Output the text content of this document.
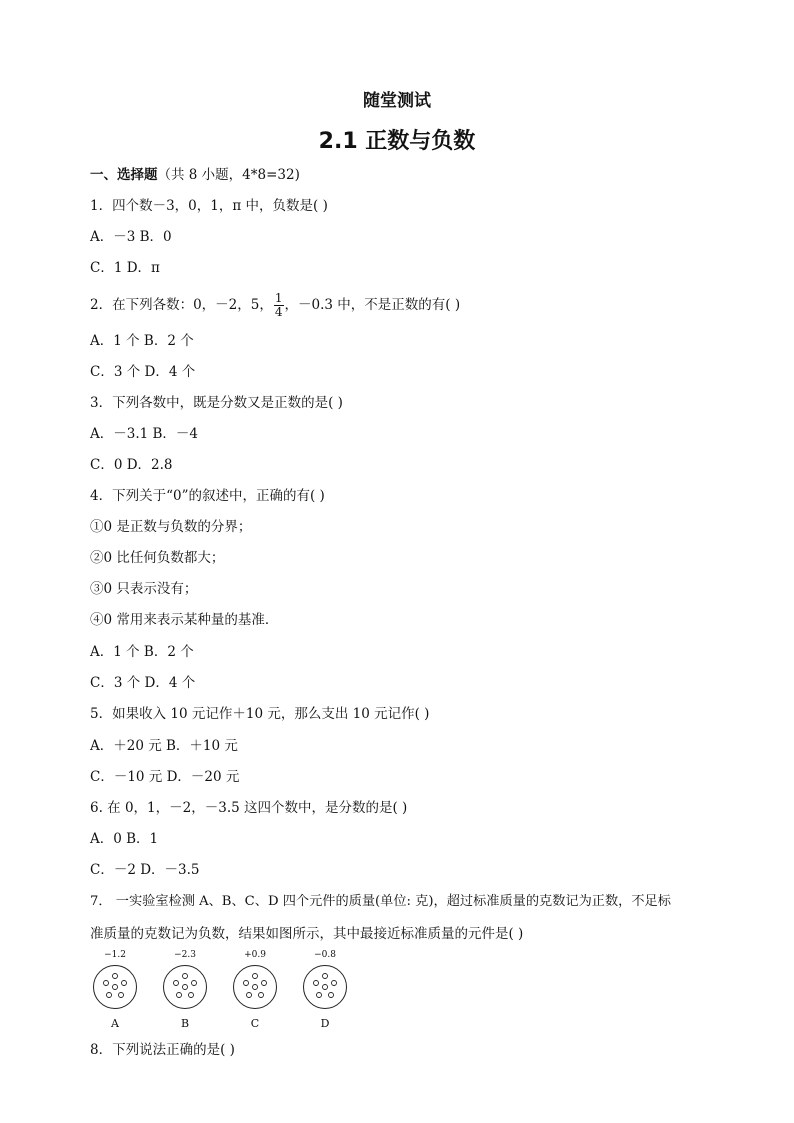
随堂测试
2.1 正数与负数
一、选择题（共 8 小题，4*8=32)
1．四个数－3，0，1，π 中，负数是( )
A．－3 B．0
C．1 D．π
2．在下列各数：0，－2，5， $\frac{1}{4}$ ，－0.3 中，不是正数的有( )
A．1 个 B．2 个
C．3 个 D．4 个
3．下列各数中，既是分数又是正数的是( )
A．－3.1 B．－4
C．0 D．2.8
4．下列关于“0”的叙述中，正确的有( )
①0 是正数与负数的分界；
②0 比任何负数都大；
③0 只表示没有；
④0 常用来表示某种量的基准．
A．1 个 B．2 个
C．3 个 D．4 个
5．如果收入 10 元记作＋10 元，那么支出 10 元记作( )
A．＋20 元 B．＋10 元
C．－10 元 D．－20 元
6. 在 0，1，－2，－3.5 这四个数中，是分数的是( )
A．0 B．1
C．－2 D．－3.5
7． 一实验室检测 A、B、C、D 四个元件的质量(单位: 克)，超过标准质量的克数记为正数，不足标
准质量的克数记为负数，结果如图所示，其中最接近标准质量的元件是( )
−1.2
A
−2.3
B
+0.9
C
−0.8
D
8．下列说法正确的是( )
